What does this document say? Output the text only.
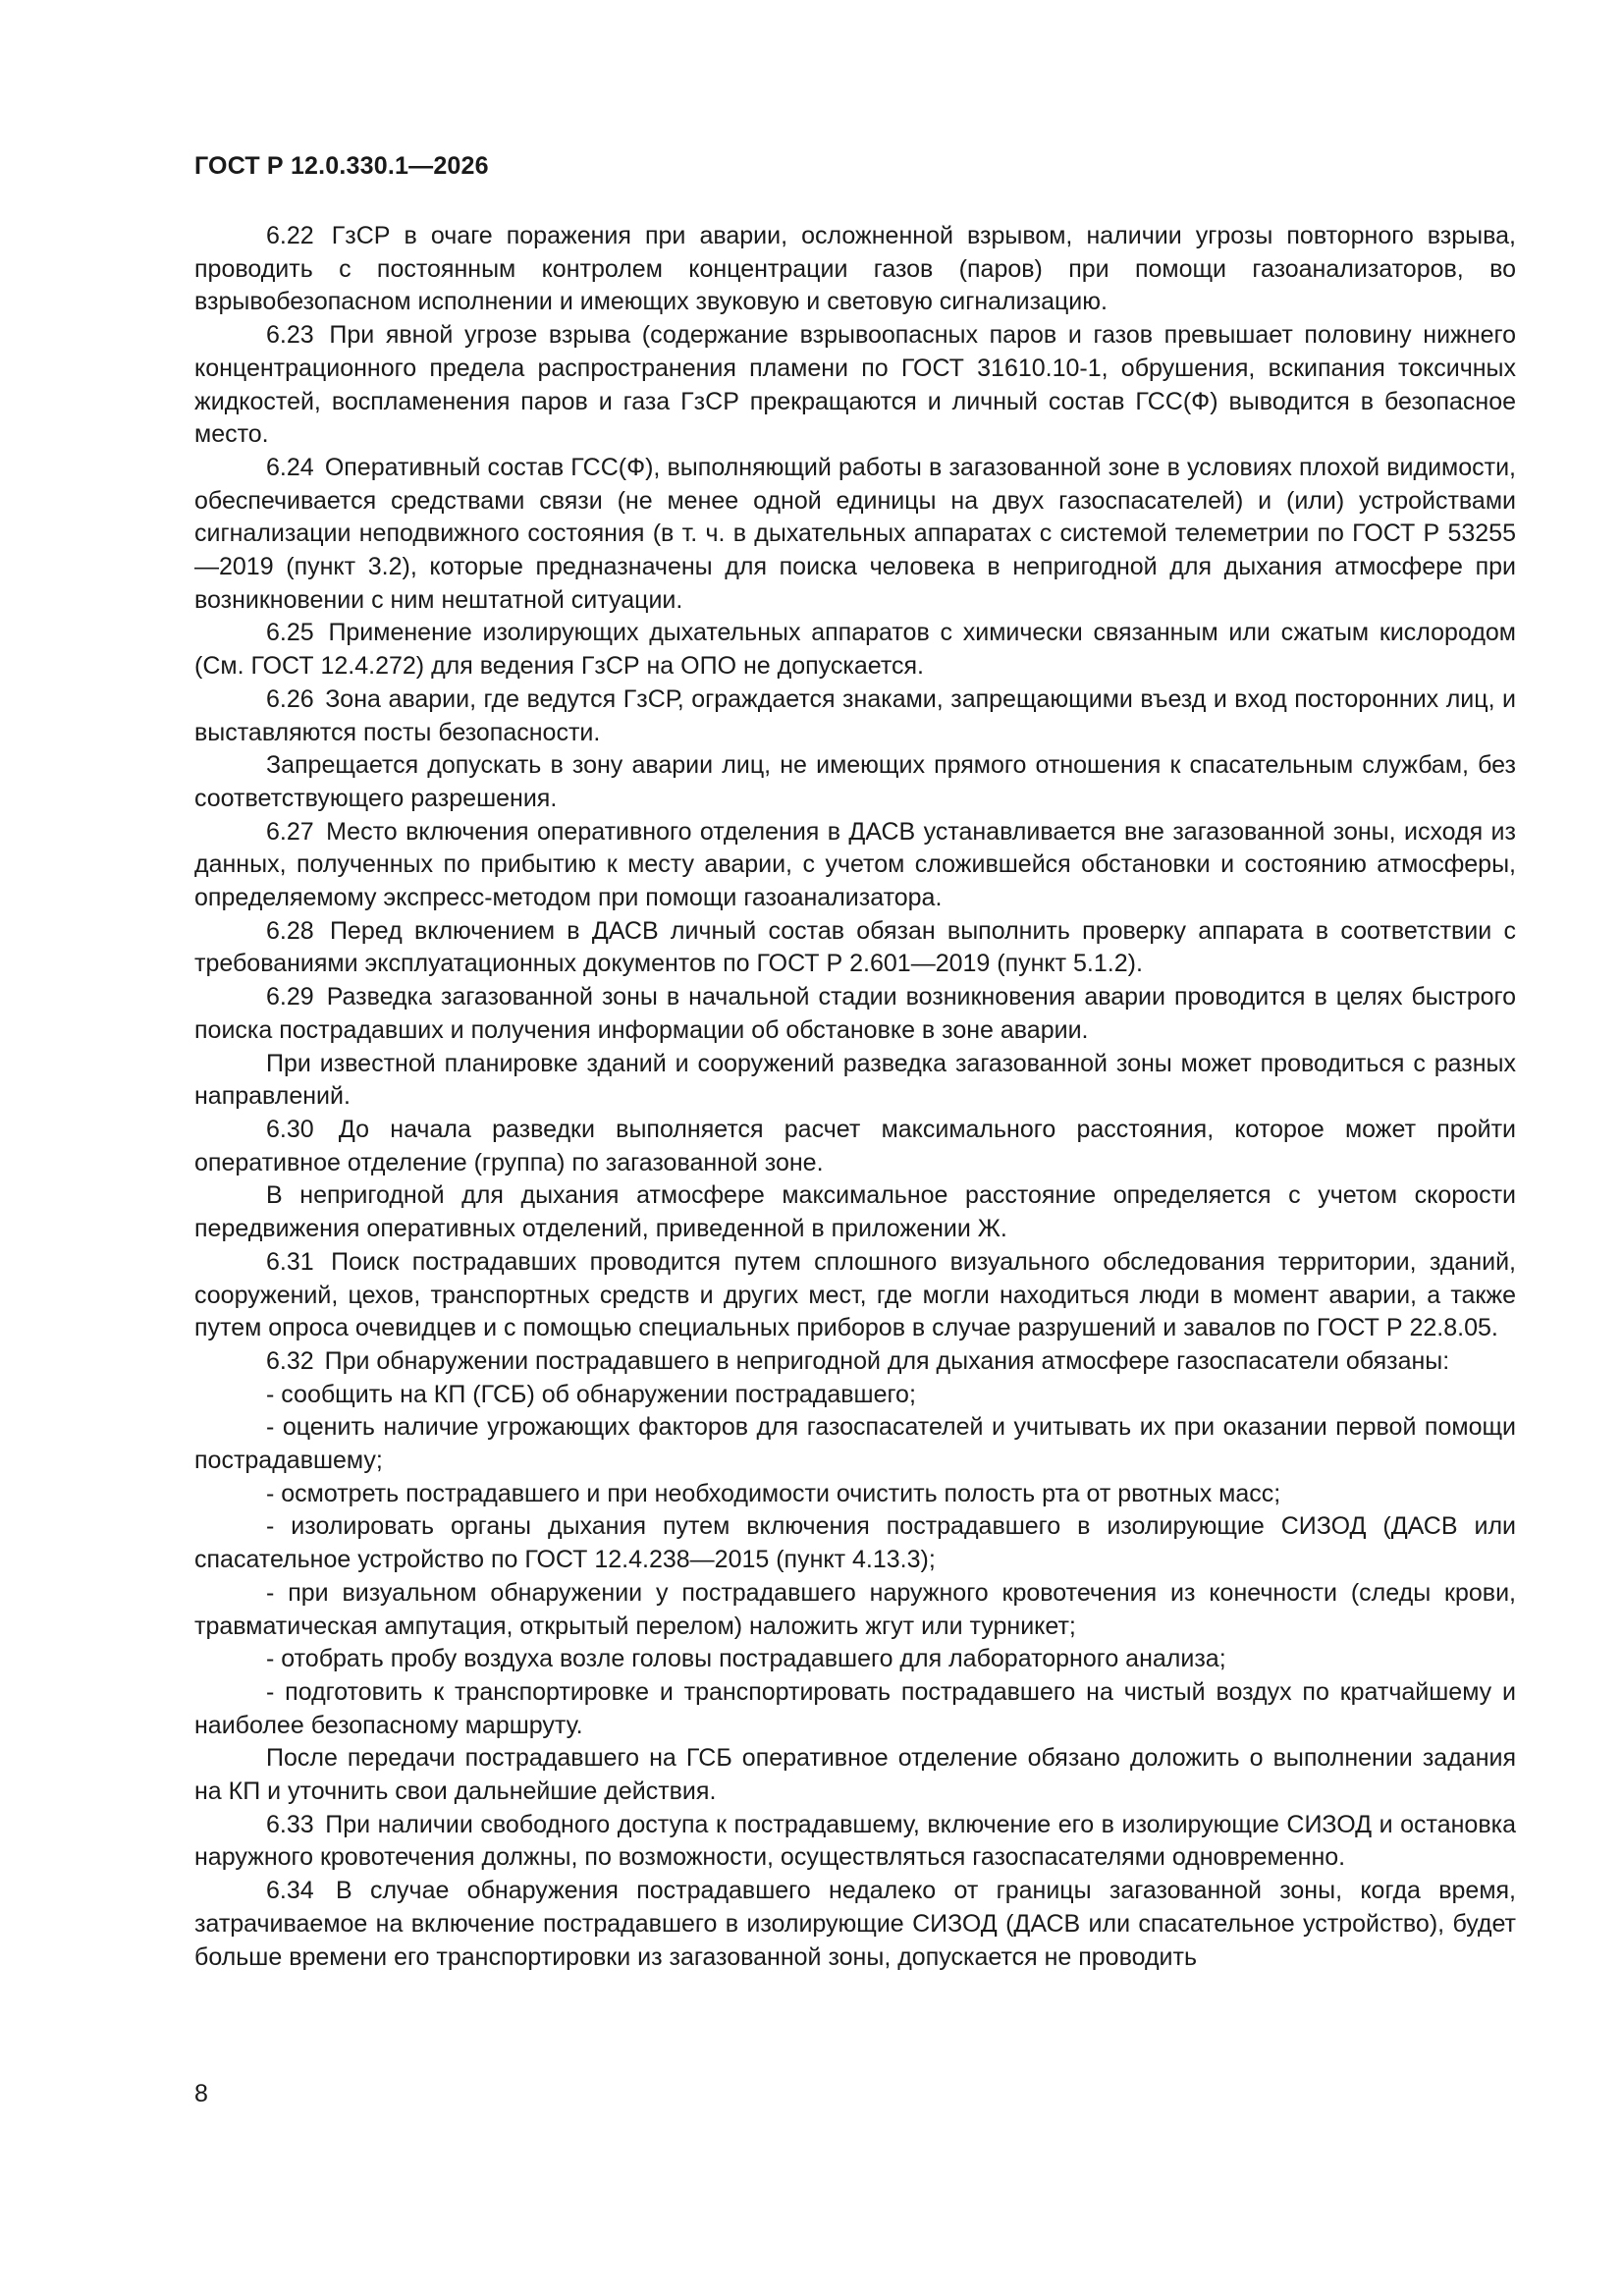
ГОСТ Р 12.0.330.1—2026

6.22 ГзСР в очаге поражения при аварии, осложненной взрывом, наличии угрозы повторного взрыва, проводить с постоянным контролем концентрации газов (паров) при помощи газоанализаторов, во взрывобезопасном исполнении и имеющих звуковую и световую сигнализацию.

6.23 При явной угрозе взрыва (содержание взрывоопасных паров и газов превышает половину нижнего концентрационного предела распространения пламени по ГОСТ 31610.10-1, обрушения, вскипания токсичных жидкостей, воспламенения паров и газа ГзСР прекращаются и личный состав ГСС(Ф) выводится в безопасное место.

6.24 Оперативный состав ГСС(Ф), выполняющий работы в загазованной зоне в условиях плохой видимости, обеспечивается средствами связи (не менее одной единицы на двух газоспасателей) и (или) устройствами сигнализации неподвижного состояния (в т. ч. в дыхательных аппаратах с системой телеметрии по ГОСТ Р 53255—2019 (пункт 3.2), которые предназначены для поиска человека в непригодной для дыхания атмосфере при возникновении с ним нештатной ситуации.

6.25 Применение изолирующих дыхательных аппаратов с химически связанным или сжатым кислородом (См. ГОСТ 12.4.272) для ведения ГзСР на ОПО не допускается.

6.26 Зона аварии, где ведутся ГзСР, ограждается знаками, запрещающими въезд и вход посторонних лиц, и выставляются посты безопасности.

Запрещается допускать в зону аварии лиц, не имеющих прямого отношения к спасательным службам, без соответствующего разрешения.

6.27 Место включения оперативного отделения в ДАСВ устанавливается вне загазованной зоны, исходя из данных, полученных по прибытию к месту аварии, с учетом сложившейся обстановки и состоянию атмосферы, определяемому экспресс-методом при помощи газоанализатора.

6.28 Перед включением в ДАСВ личный состав обязан выполнить проверку аппарата в соответствии с требованиями эксплуатационных документов по ГОСТ Р 2.601—2019 (пункт 5.1.2).

6.29 Разведка загазованной зоны в начальной стадии возникновения аварии проводится в целях быстрого поиска пострадавших и получения информации об обстановке в зоне аварии.

При известной планировке зданий и сооружений разведка загазованной зоны может проводиться с разных направлений.

6.30 До начала разведки выполняется расчет максимального расстояния, которое может пройти оперативное отделение (группа) по загазованной зоне.

В непригодной для дыхания атмосфере максимальное расстояние определяется с учетом скорости передвижения оперативных отделений, приведенной в приложении Ж.

6.31 Поиск пострадавших проводится путем сплошного визуального обследования территории, зданий, сооружений, цехов, транспортных средств и других мест, где могли находиться люди в момент аварии, а также путем опроса очевидцев и с помощью специальных приборов в случае разрушений и завалов по ГОСТ Р 22.8.05.

6.32 При обнаружении пострадавшего в непригодной для дыхания атмосфере газоспасатели обязаны:

- сообщить на КП (ГСБ) об обнаружении пострадавшего;

- оценить наличие угрожающих факторов для газоспасателей и учитывать их при оказании первой помощи пострадавшему;

- осмотреть пострадавшего и при необходимости очистить полость рта от рвотных масс;

- изолировать органы дыхания путем включения пострадавшего в изолирующие СИЗОД (ДАСВ или спасательное устройство по ГОСТ 12.4.238—2015 (пункт 4.13.3);

- при визуальном обнаружении у пострадавшего наружного кровотечения из конечности (следы крови, травматическая ампутация, открытый перелом) наложить жгут или турникет;

- отобрать пробу воздуха возле головы пострадавшего для лабораторного анализа;

- подготовить к транспортировке и транспортировать пострадавшего на чистый воздух по кратчайшему и наиболее безопасному маршруту.

После передачи пострадавшего на ГСБ оперативное отделение обязано доложить о выполнении задания на КП и уточнить свои дальнейшие действия.

6.33 При наличии свободного доступа к пострадавшему, включение его в изолирующие СИЗОД и остановка наружного кровотечения должны, по возможности, осуществляться газоспасателями одновременно.

6.34 В случае обнаружения пострадавшего недалеко от границы загазованной зоны, когда время, затрачиваемое на включение пострадавшего в изолирующие СИЗОД (ДАСВ или спасательное устройство), будет больше времени его транспортировки из загазованной зоны, допускается не проводить

8
